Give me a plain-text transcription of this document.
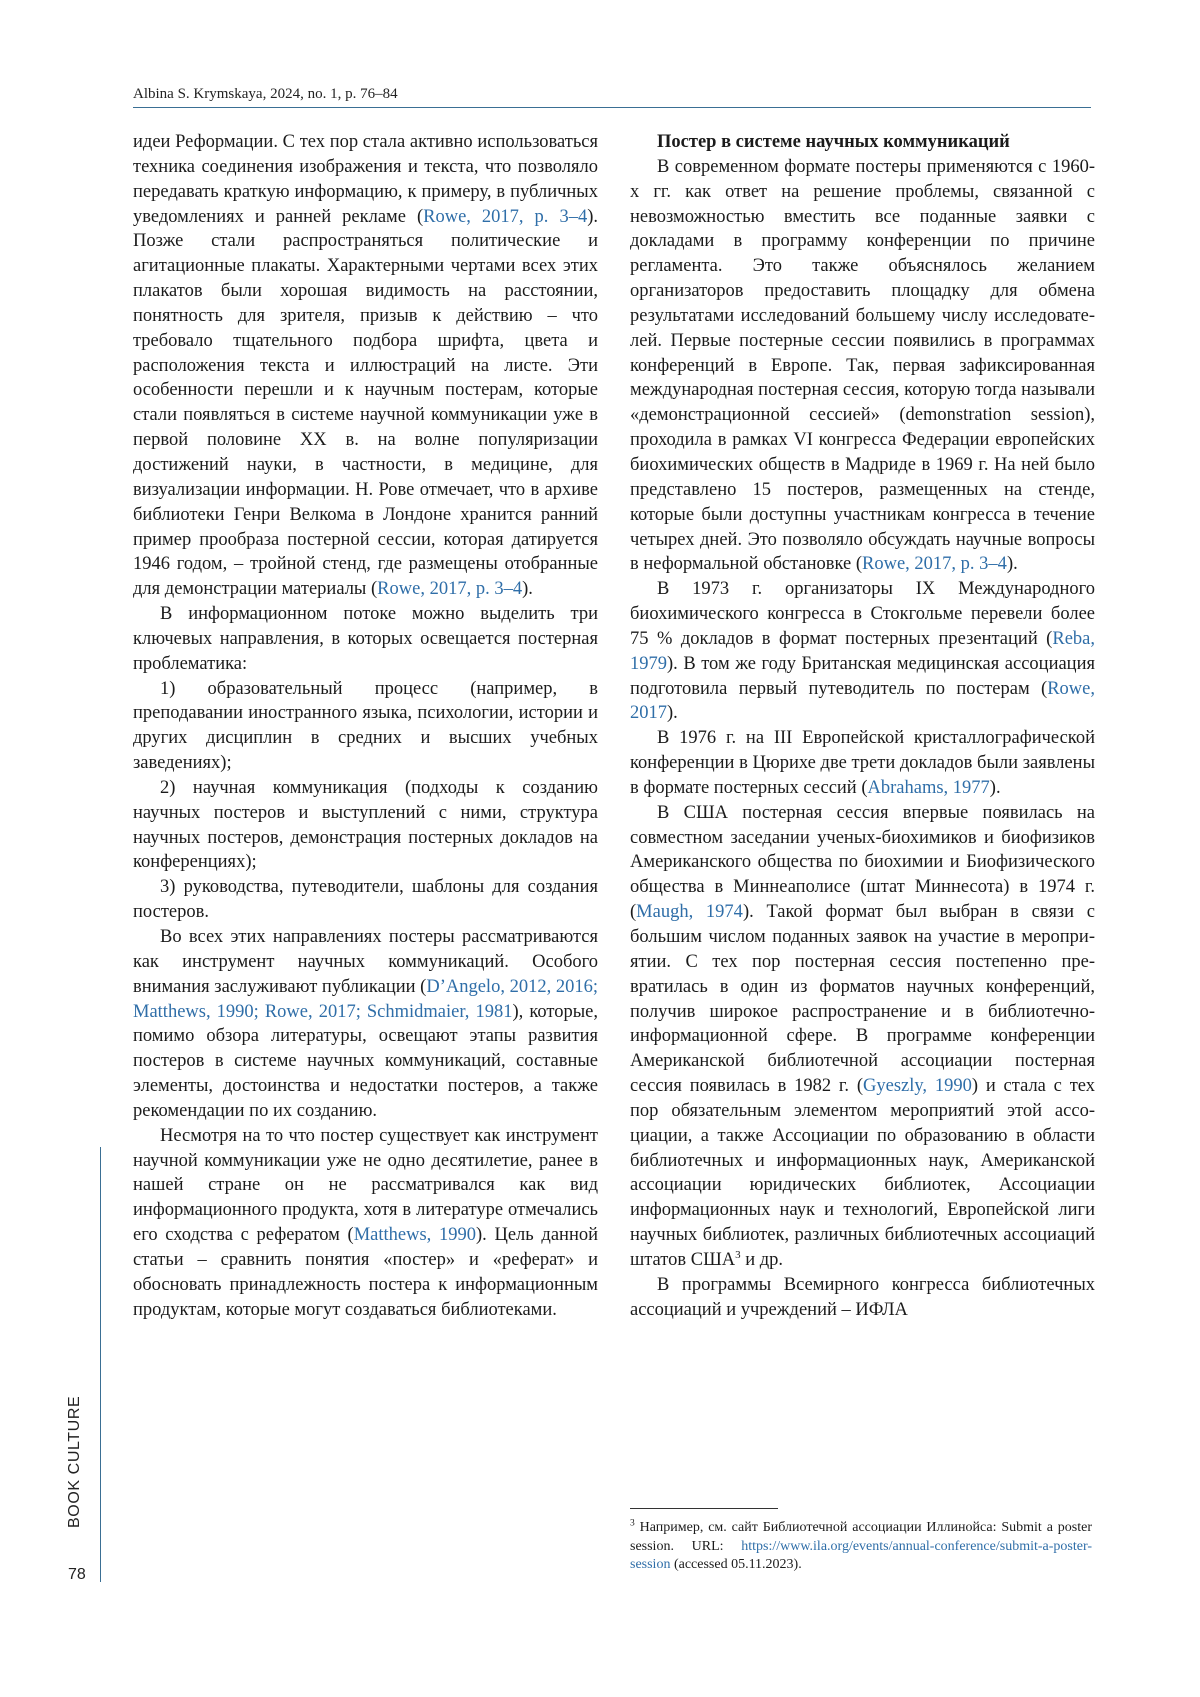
Albina S. Krymskaya, 2024, no. 1, p. 76–84
BOOK CULTURE
78

идеи Реформации. С тех пор стала активно использоваться техника соединения изображения и текста, что позволяло передавать краткую информацию, к примеру, в публичных уведомлениях и ранней рекламе (Rowe, 2017, p. 3–4). Позже стали распространяться политические и агитационные плакаты. Характерными чертами всех этих плакатов были хорошая видимость на расстоянии, понятность для зрителя, призыв к действию – что требовало тщательного подбора шрифта, цвета и расположения текста и иллюстраций на листе. Эти особенности перешли и к научным постерам, которые стали появляться в системе научной коммуникации уже в первой половине XX в. на волне популяризации достижений науки, в частности, в медицине, для визуализации информации. Н. Рове отмечает, что в архиве библиотеки Генри Велкома в Лондоне хранится ранний пример прообраза постерной сессии, которая датируется 1946 годом, – тройной стенд, где размещены отобранные для демонстрации материалы (Rowe, 2017, p. 3–4).

В информационном потоке можно выделить три ключевых направления, в которых освещается постерная проблематика:

1) образовательный процесс (например, в преподавании иностранного языка, психологии, истории и других дисциплин в средних и высших учебных заведениях);

2) научная коммуникация (подходы к созданию научных постеров и выступлений с ними, структура научных постеров, демонстрация постерных докладов на конференциях);

3) руководства, путеводители, шаблоны для создания постеров.

Во всех этих направлениях постеры рассматриваются как инструмент научных коммуникаций. Особого внимания заслуживают публикации (D’Angelo, 2012, 2016; Matthews, 1990; Rowe, 2017; Schmidmaier, 1981), которые, помимо обзора литературы, освещают этапы развития постеров в системе научных коммуникаций, составные элементы, достоинства и недостатки постеров, а также рекомендации по их созданию.

Несмотря на то что постер существует как инструмент научной коммуникации уже не одно десятилетие, ранее в нашей стране он не рассматривался как вид информационного продукта, хотя в литературе отмечались его сходства с рефератом (Matthews, 1990). Цель данной статьи – сравнить понятия «постер» и «реферат» и обосновать принадлежность постера к информационным продуктам, которые могут создаваться библиотеками.

Постер в системе научных коммуникаций

В современном формате постеры применяются с 1960-х гг. как ответ на решение проблемы, связанной с невозможностью вместить все поданные заявки с докладами в программу конференции по причине регламента. Это также объяснялось желанием организаторов предоставить площадку для обмена результатами исследований большему числу исследователей. Первые постерные сессии появились в программах конференций в Европе. Так, первая зафиксированная международная постерная сессия, которую тогда называли «демонстрационной сессией» (demonstration session), проходила в рамках VI конгресса Федерации европейских биохимических обществ в Мадриде в 1969 г. На ней было представлено 15 постеров, размещенных на стенде, которые были доступны участникам конгресса в течение четырех дней. Это позволяло обсуждать научные вопросы в неформальной обстановке (Rowe, 2017, p. 3–4).

В 1973 г. организаторы IX Международного биохимического конгресса в Стокгольме перевели более 75 % докладов в формат постерных презентаций (Reba, 1979). В том же году Британская медицинская ассоциация подготовила первый путеводитель по постерам (Rowe, 2017).

В 1976 г. на III Европейской кристаллографической конференции в Цюрихе две трети докладов были заявлены в формате постерных сессий (Abrahams, 1977).

В США постерная сессия впервые появилась на совместном заседании ученых-биохимиков и биофизиков Американского общества по биохимии и Биофизического общества в Миннеаполисе (штат Миннесота) в 1974 г. (Maugh, 1974). Такой формат был выбран в связи с большим числом поданных заявок на участие в мероприятии. С тех пор постерная сессия постепенно превратилась в один из форматов научных конференций, получив широкое распространение и в библиотечно-информационной сфере. В программе конференции Американской библиотечной ассоциации постерная сессия появилась в 1982 г. (Gyeszly, 1990) и стала с тех пор обязательным элементом мероприятий этой ассоциации, а также Ассоциации по образованию в области библиотечных и информационных наук, Американской ассоциации юридических библиотек, Ассоциации информационных наук и технологий, Европейской лиги научных библиотек, различных библиотечных ассоциаций штатов США$^3$ и др.

В программы Всемирного конгресса библиотечных ассоциаций и учреждений – ИФЛА

$^3$ Например, см. сайт Библиотечной ассоциации Иллинойса: Submit a poster session. URL: https://www.ila.org/events/annual-conference/submit-a-poster-session (accessed 05.11.2023).
